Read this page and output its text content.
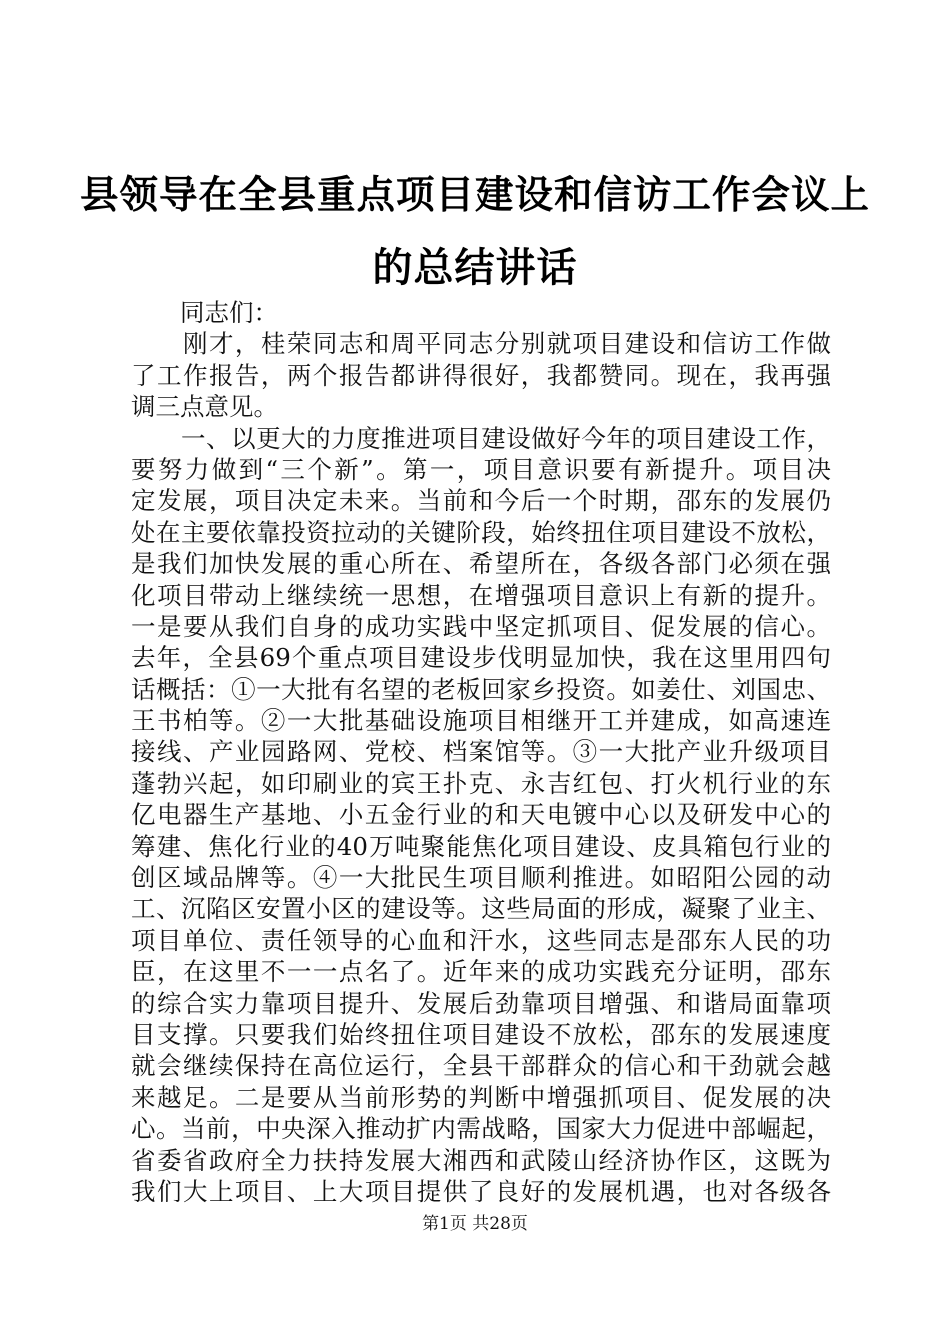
县领导在全县重点项目建设和信访工作会议上
的总结讲话
　　同志们：
　　刚才，桂荣同志和周平同志分别就项目建设和信访工作做
了工作报告，两个报告都讲得很好，我都赞同。现在，我再强
调三点意见。
　　一、以更大的力度推进项目建设做好今年的项目建设工作，
要努力做到“三个新”。第一，项目意识要有新提升。项目决
定发展，项目决定未来。当前和今后一个时期，邵东的发展仍
处在主要依靠投资拉动的关键阶段，始终扭住项目建设不放松，
是我们加快发展的重心所在、希望所在，各级各部门必须在强
化项目带动上继续统一思想，在增强项目意识上有新的提升。
一是要从我们自身的成功实践中坚定抓项目、促发展的信心。
去年，全县69个重点项目建设步伐明显加快，我在这里用四句
话概括：①一大批有名望的老板回家乡投资。如姜仕、刘国忠、
王书柏等。②一大批基础设施项目相继开工并建成，如高速连
接线、产业园路网、党校、档案馆等。③一大批产业升级项目
蓬勃兴起，如印刷业的宾王扑克、永吉红包、打火机行业的东
亿电器生产基地、小五金行业的和天电镀中心以及研发中心的
筹建、焦化行业的40万吨聚能焦化项目建设、皮具箱包行业的
创区域品牌等。④一大批民生项目顺利推进。如昭阳公园的动
工、沉陷区安置小区的建设等。这些局面的形成，凝聚了业主、
项目单位、责任领导的心血和汗水，这些同志是邵东人民的功
臣，在这里不一一点名了。近年来的成功实践充分证明，邵东
的综合实力靠项目提升、发展后劲靠项目增强、和谐局面靠项
目支撑。只要我们始终扭住项目建设不放松，邵东的发展速度
就会继续保持在高位运行，全县干部群众的信心和干劲就会越
来越足。二是要从当前形势的判断中增强抓项目、促发展的决
心。当前，中央深入推动扩内需战略，国家大力促进中部崛起，
省委省政府全力扶持发展大湘西和武陵山经济协作区，这既为
我们大上项目、上大项目提供了良好的发展机遇，也对各级各
第1页 共28页
